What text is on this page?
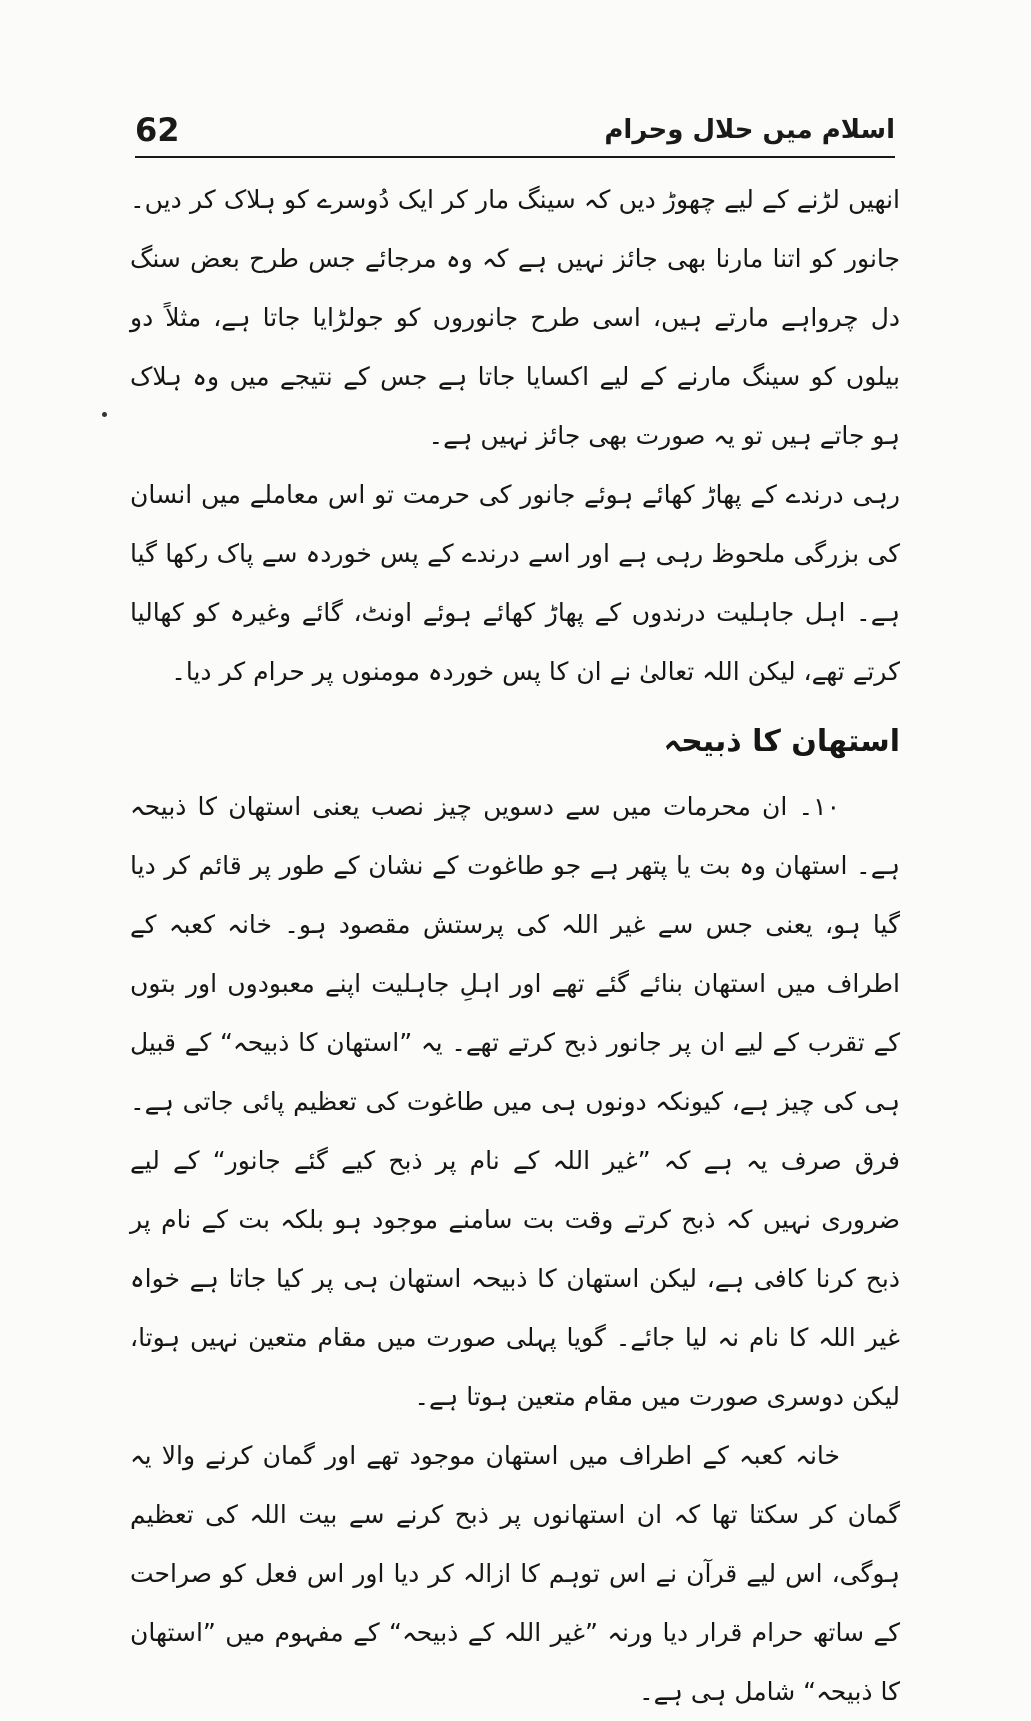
62	اسلام میں حلال وحرام

انھیں لڑنے کے لیے چھوڑ دیں کہ سینگ مار کر ایک دُوسرے کو ہلاک کر دیں۔ جانور کو اتنا مارنا بھی جائز نہیں ہے کہ وہ مرجائے جس طرح بعض سنگ دل چرواہے مارتے ہیں، اسی طرح جانوروں کو جولڑایا جاتا ہے، مثلاً دو بیلوں کو سینگ مارنے کے لیے اکسایا جاتا ہے جس کے نتیجے میں وہ ہلاک ہو جاتے ہیں تو یہ صورت بھی جائز نہیں ہے۔

رہی درندے کے پھاڑ کھائے ہوئے جانور کی حرمت تو اس معاملے میں انسان کی بزرگی ملحوظ رہی ہے اور اسے درندے کے پس خوردہ سے پاک رکھا گیا ہے۔ اہل جاہلیت درندوں کے پھاڑ کھائے ہوئے اونٹ، گائے وغیرہ کو کھالیا کرتے تھے، لیکن اللہ تعالیٰ نے ان کا پس خوردہ مومنوں پر حرام کر دیا۔

استھان کا ذبیحہ

١٠۔ ان محرمات میں سے دسویں چیز نصب یعنی استھان کا ذبیحہ ہے۔ استھان وہ بت یا پتھر ہے جو طاغوت کے نشان کے طور پر قائم کر دیا گیا ہو، یعنی جس سے غیر اللہ کی پرستش مقصود ہو۔ خانہ کعبہ کے اطراف میں استھان بنائے گئے تھے اور اہلِ جاہلیت اپنے معبودوں اور بتوں کے تقرب کے لیے ان پر جانور ذبح کرتے تھے۔ یہ ”استھان کا ذبیحہ“ کے قبیل ہی کی چیز ہے، کیونکہ دونوں ہی میں طاغوت کی تعظیم پائی جاتی ہے۔ فرق صرف یہ ہے کہ ”غیر اللہ کے نام پر ذبح کیے گئے جانور“ کے لیے ضروری نہیں کہ ذبح کرتے وقت بت سامنے موجود ہو بلکہ بت کے نام پر ذبح کرنا کافی ہے، لیکن استھان کا ذبیحہ استھان ہی پر کیا جاتا ہے خواہ غیر اللہ کا نام نہ لیا جائے۔ گویا پہلی صورت میں مقام متعین نہیں ہوتا، لیکن دوسری صورت میں مقام متعین ہوتا ہے۔

خانہ کعبہ کے اطراف میں استھان موجود تھے اور گمان کرنے والا یہ گمان کر سکتا تھا کہ ان استھانوں پر ذبح کرنے سے بیت اللہ کی تعظیم ہوگی، اس لیے قرآن نے اس توہم کا ازالہ کر دیا اور اس فعل کو صراحت کے ساتھ حرام قرار دیا ورنہ ”غیر اللہ کے ذبیحہ“ کے مفہوم میں ”استھان کا ذبیحہ“ شامل ہی ہے۔
